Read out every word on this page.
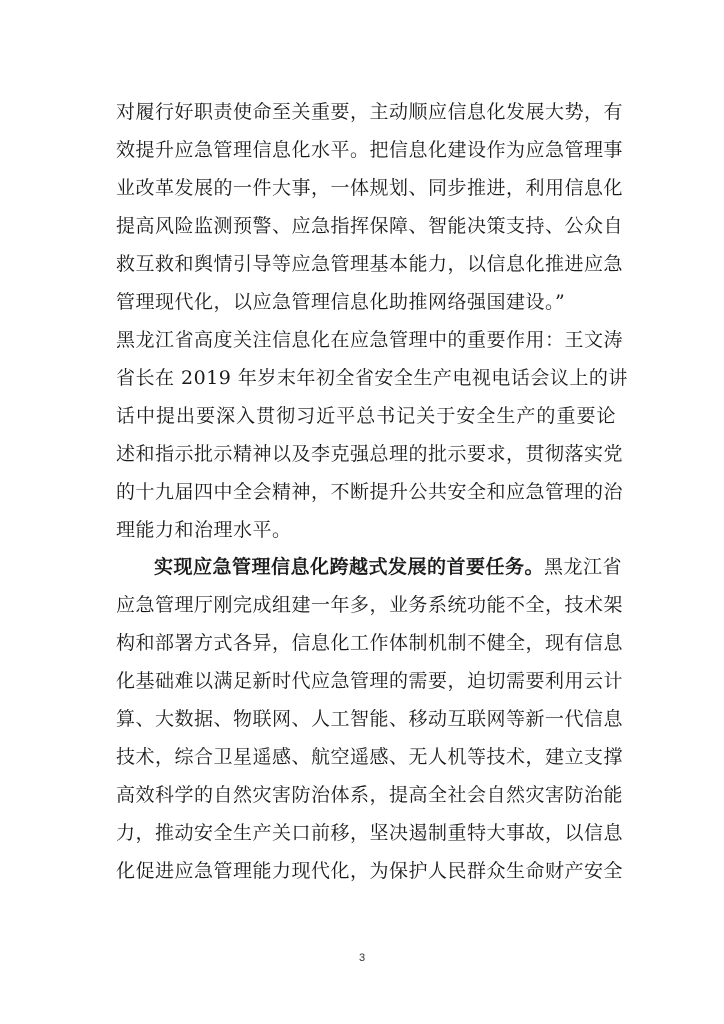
对履行好职责使命至关重要，主动顺应信息化发展大势，有
效提升应急管理信息化水平。把信息化建设作为应急管理事
业改革发展的一件大事，一体规划、同步推进，利用信息化
提高风险监测预警、应急指挥保障、智能决策支持、公众自
救互救和舆情引导等应急管理基本能力，以信息化推进应急
管理现代化，以应急管理信息化助推网络强国建设。”
黑龙江省高度关注信息化在应急管理中的重要作用：王文涛
省长在 2019 年岁末年初全省安全生产电视电话会议上的讲
话中提出要深入贯彻习近平总书记关于安全生产的重要论
述和指示批示精神以及李克强总理的批示要求，贯彻落实党
的十九届四中全会精神，不断提升公共安全和应急管理的治
理能力和治理水平。
实现应急管理信息化跨越式发展的首要任务。黑龙江省
应急管理厅刚完成组建一年多，业务系统功能不全，技术架
构和部署方式各异，信息化工作体制机制不健全，现有信息
化基础难以满足新时代应急管理的需要，迫切需要利用云计
算、大数据、物联网、人工智能、移动互联网等新一代信息
技术，综合卫星遥感、航空遥感、无人机等技术，建立支撑
高效科学的自然灾害防治体系，提高全社会自然灾害防治能
力，推动安全生产关口前移，坚决遏制重特大事故，以信息
化促进应急管理能力现代化，为保护人民群众生命财产安全
3
